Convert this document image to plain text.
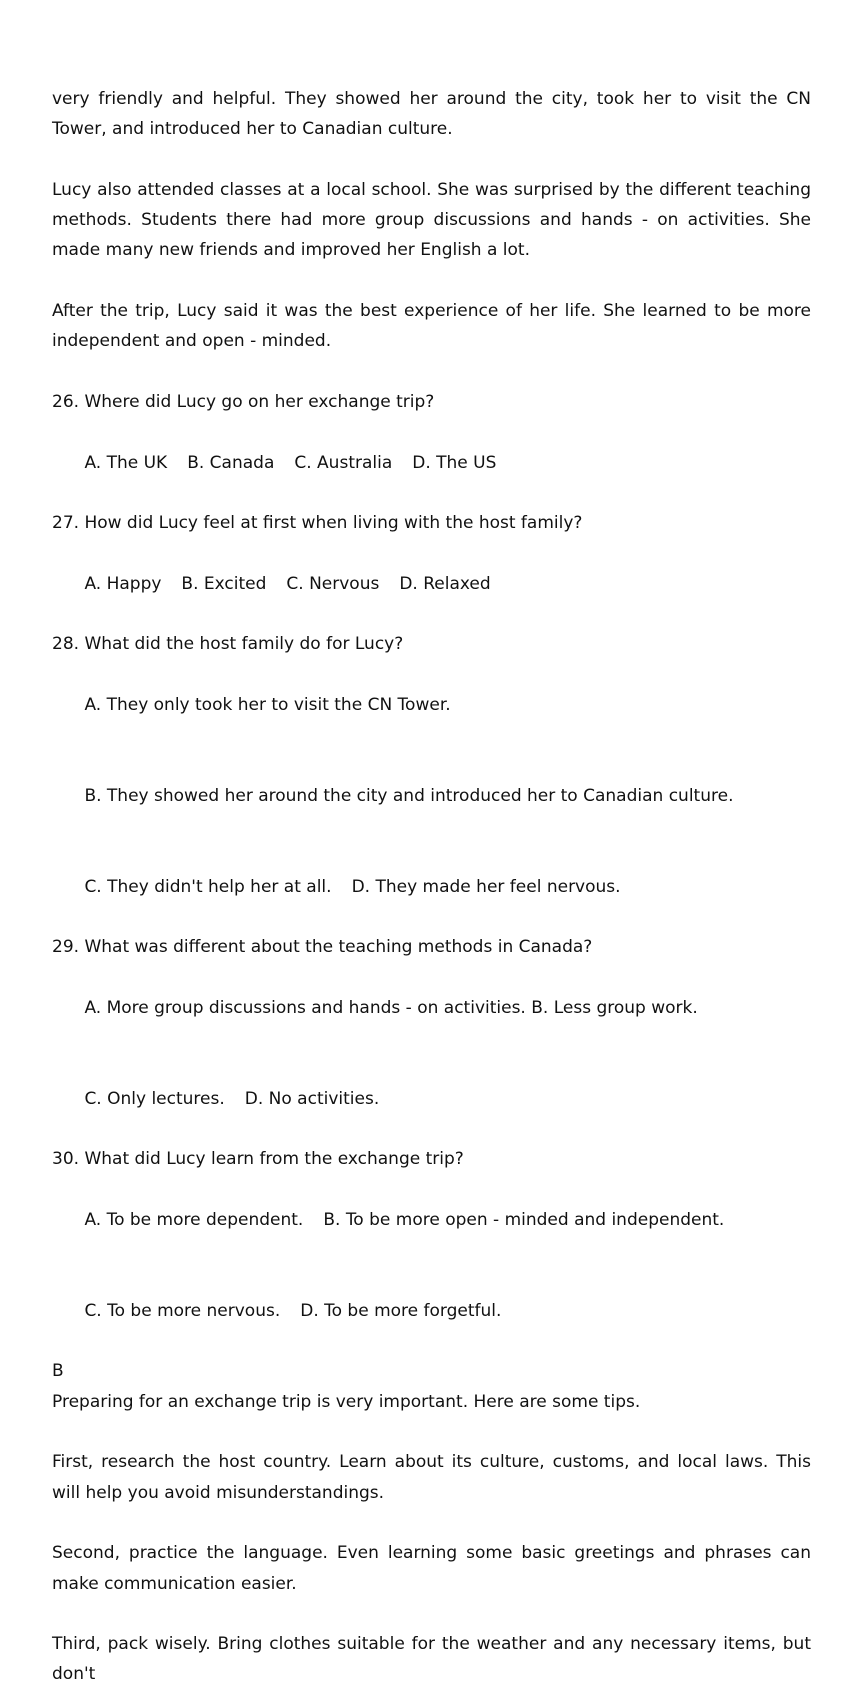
very friendly and helpful. They showed her around the city, took her to visit the CN Tower, and introduced her to Canadian culture.

Lucy also attended classes at a local school. She was surprised by the different teaching methods. Students there had more group discussions and hands - on activities. She made many new friends and improved her English a lot.

After the trip, Lucy said it was the best experience of her life. She learned to be more independent and open - minded.

26. Where did Lucy go on her exchange trip?

A. The UK B. Canada C. Australia D. The US

27. How did Lucy feel at first when living with the host family?

A. Happy B. Excited C. Nervous D. Relaxed

28. What did the host family do for Lucy?

A. They only took her to visit the CN Tower.

B. They showed her around the city and introduced her to Canadian culture.

C. They didn't help her at all. D. They made her feel nervous.

29. What was different about the teaching methods in Canada?

A. More group discussions and hands - on activities. B. Less group work.

C. Only lectures. D. No activities.

30. What did Lucy learn from the exchange trip?

A. To be more dependent. B. To be more open - minded and independent.

C. To be more nervous. D. To be more forgetful.

B

Preparing for an exchange trip is very important. Here are some tips.

First, research the host country. Learn about its culture, customs, and local laws. This will help you avoid misunderstandings.

Second, practice the language. Even learning some basic greetings and phrases can make communication easier.

Third, pack wisely. Bring clothes suitable for the weather and any necessary items, but don't
